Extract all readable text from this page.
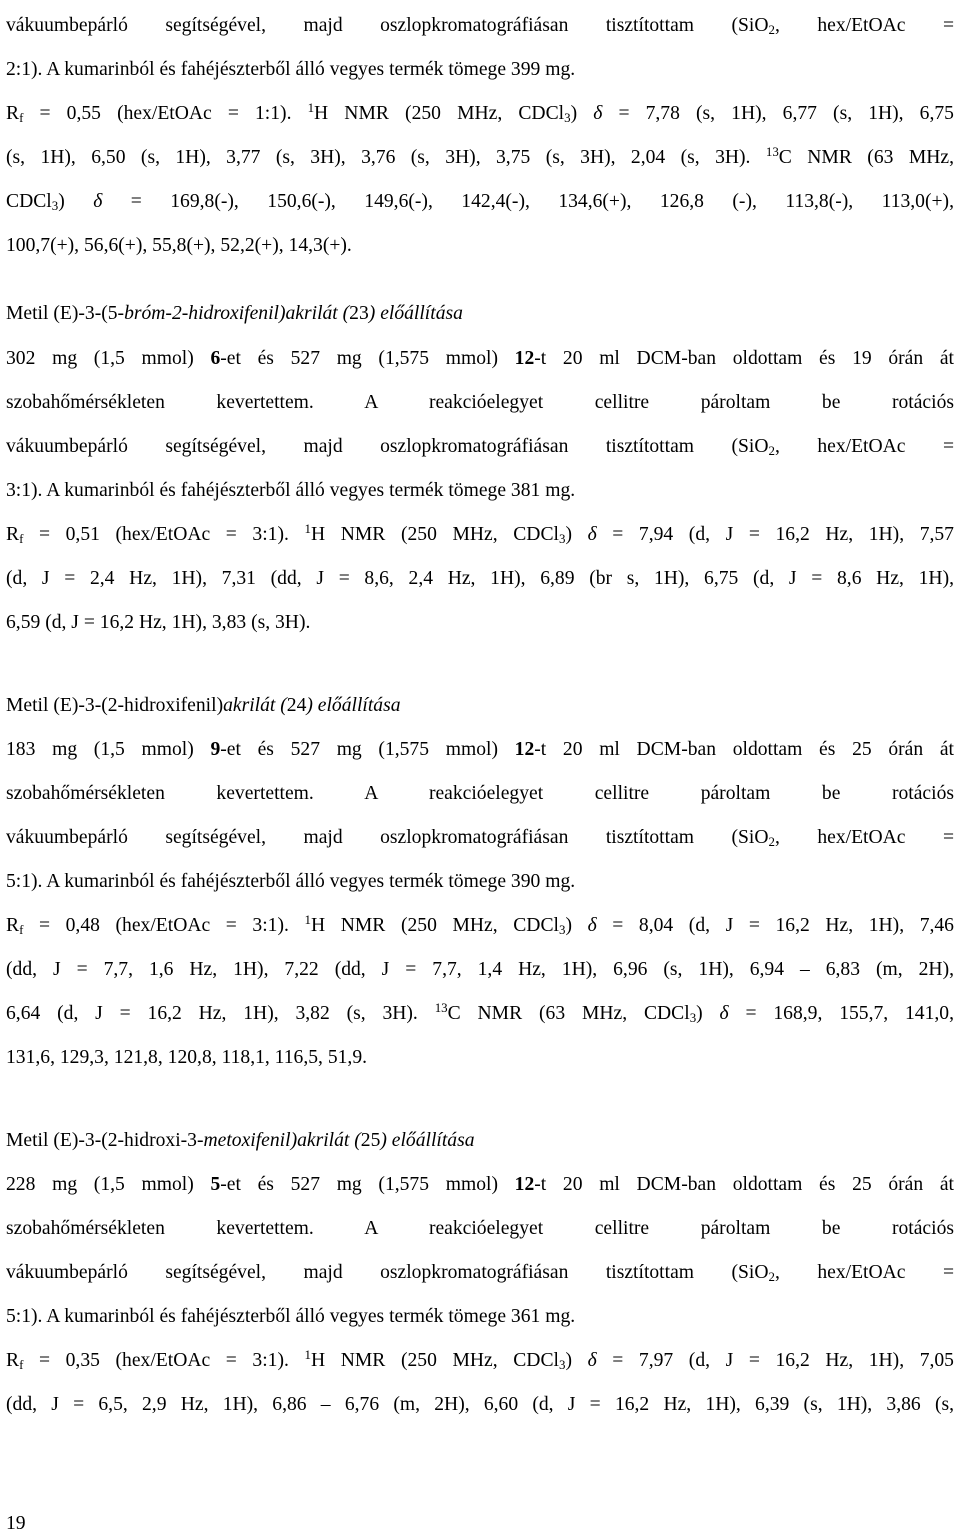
vákuumbepárló segítségével, majd oszlopkromatográfiásan tisztítottam (SiO$_2$, hex/EtOAc =
2:1). A kumarinból és fahéjészterből álló vegyes termék tömege 399 mg.
$R_f = 0,55$ (hex/EtOAc = 1:1). $^1$H NMR (250 MHz, CDCl$_3$) δ = 7,78 (s, 1H), 6,77 (s, 1H), 6,75
(s, 1H), 6,50 (s, 1H), 3,77 (s, 3H), 3,76 (s, 3H), 3,75 (s, 3H), 2,04 (s, 3H). $^{13}$C NMR (63 MHz,
CDCl$_3$) δ = 169,8(-), 150,6(-), 149,6(-), 142,4(-), 134,6(+), 126,8 (-), 113,8(-), 113,0(+),
100,7(+), 56,6(+), 55,8(+), 52,2(+), 14,3(+).
Metil (E)-3-(5-bróm-2-hidroxifenil)akrilát (23) előállítása
302 mg (1,5 mmol) 6-et és 527 mg (1,575 mmol) 12-t 20 ml DCM-ban oldottam és 19 órán át
szobahőmérsékleten kevertettem. A reakcióelegyet cellitre pároltam be rotációs
vákuumbepárló segítségével, majd oszlopkromatográfiásan tisztítottam (SiO$_2$, hex/EtOAc =
3:1). A kumarinból és fahéjészterből álló vegyes termék tömege 381 mg.
$R_f = 0,51$ (hex/EtOAc = 3:1). $^1$H NMR (250 MHz, CDCl$_3$) δ = 7,94 (d, J = 16,2 Hz, 1H), 7,57
(d, J = 2,4 Hz, 1H), 7,31 (dd, J = 8,6, 2,4 Hz, 1H), 6,89 (br s, 1H), 6,75 (d, J = 8,6 Hz, 1H),
6,59 (d, J = 16,2 Hz, 1H), 3,83 (s, 3H).
Metil (E)-3-(2-hidroxifenil)akrilát (24) előállítása
183 mg (1,5 mmol) 9-et és 527 mg (1,575 mmol) 12-t 20 ml DCM-ban oldottam és 25 órán át
szobahőmérsékleten kevertettem. A reakcióelegyet cellitre pároltam be rotációs
vákuumbepárló segítségével, majd oszlopkromatográfiásan tisztítottam (SiO$_2$, hex/EtOAc =
5:1). A kumarinból és fahéjészterből álló vegyes termék tömege 390 mg.
$R_f = 0,48$ (hex/EtOAc = 3:1). $^1$H NMR (250 MHz, CDCl$_3$) δ = 8,04 (d, J = 16,2 Hz, 1H), 7,46
(dd, J = 7,7, 1,6 Hz, 1H), 7,22 (dd, J = 7,7, 1,4 Hz, 1H), 6,96 (s, 1H), 6,94 – 6,83 (m, 2H),
6,64 (d, J = 16,2 Hz, 1H), 3,82 (s, 3H). $^{13}$C NMR (63 MHz, CDCl$_3$) δ = 168,9, 155,7, 141,0,
131,6, 129,3, 121,8, 120,8, 118,1, 116,5, 51,9.
Metil (E)-3-(2-hidroxi-3-metoxifenil)akrilát (25) előállítása
228 mg (1,5 mmol) 5-et és 527 mg (1,575 mmol) 12-t 20 ml DCM-ban oldottam és 25 órán át
szobahőmérsékleten kevertettem. A reakcióelegyet cellitre pároltam be rotációs
vákuumbepárló segítségével, majd oszlopkromatográfiásan tisztítottam (SiO$_2$, hex/EtOAc =
5:1). A kumarinból és fahéjészterből álló vegyes termék tömege 361 mg.
$R_f = 0,35$ (hex/EtOAc = 3:1). $^1$H NMR (250 MHz, CDCl$_3$) δ = 7,97 (d, J = 16,2 Hz, 1H), 7,05
(dd, J = 6,5, 2,9 Hz, 1H), 6,86 – 6,76 (m, 2H), 6,60 (d, J = 16,2 Hz, 1H), 6,39 (s, 1H), 3,86 (s,
19
